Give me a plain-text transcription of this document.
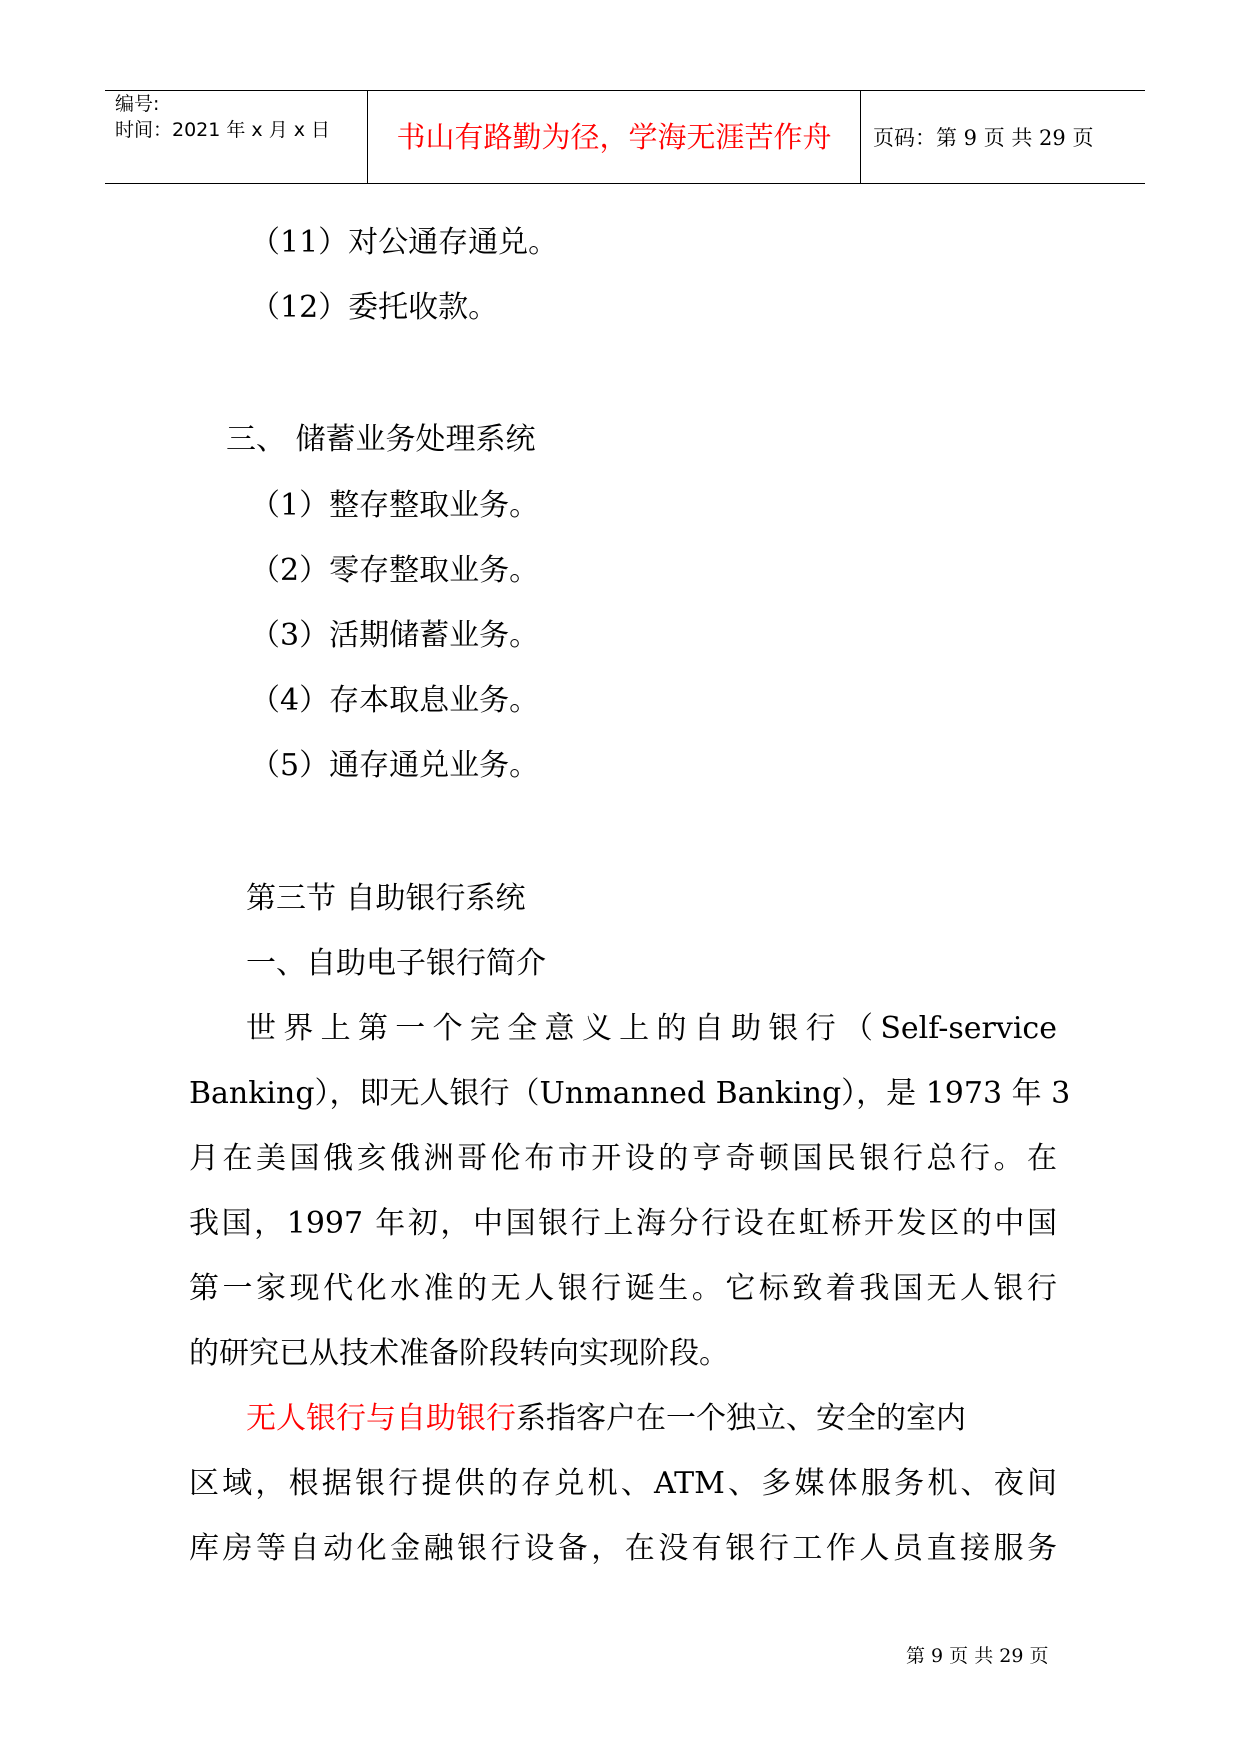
编号:
时间：2021 年 x 月 x 日	书山有路勤为径，学海无涯苦作舟	页码：第 9 页 共 29 页
（11）对公通存通兑。
（12）委托收款。
三、 储蓄业务处理系统
（1）整存整取业务。
（2）零存整取业务。
（3）活期储蓄业务。
（4）存本取息业务。
（5）通存通兑业务。
第三节 自助银行系统
一、自助电子银行简介
世界上第一个完全意义上的自助银行（Self-service
Banking），即无人银行（Unmanned Banking），是 1973 年 3
月在美国俄亥俄洲哥伦布市开设的亨奇顿国民银行总行。在
我国，1997 年初，中国银行上海分行设在虹桥开发区的中国
第一家现代化水准的无人银行诞生。它标致着我国无人银行
的研究已从技术准备阶段转向实现阶段。
无人银行与自助银行系指客户在一个独立、安全的室内
区域，根据银行提供的存兑机、ATM、多媒体服务机、夜间
库房等自动化金融银行设备，在没有银行工作人员直接服务
第 9 页 共 29 页
